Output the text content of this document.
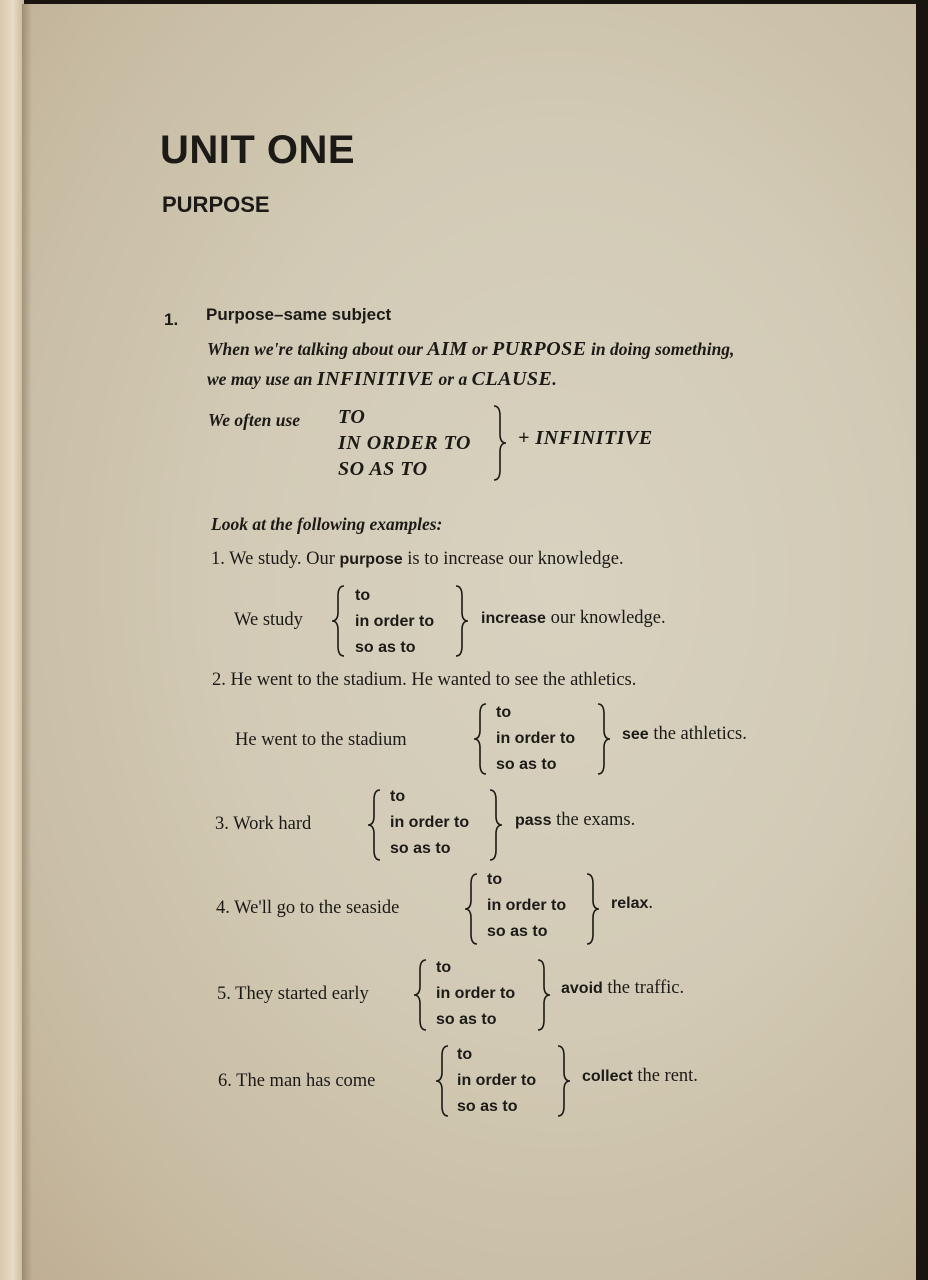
UNIT ONE
PURPOSE
1. Purpose–same subject
When we're talking about our AIM or PURPOSE in doing something,
we may use an INFINITIVE or a CLAUSE.
We often use TO
IN ORDER TO
SO AS TO
+ INFINITIVE
Look at the following examples:
1. We study. Our purpose is to increase our knowledge.
We study
to
in order to
so as to
increase our knowledge.
2. He went to the stadium. He wanted to see the athletics.
He went to the stadium
to
in order to
so as to
see the athletics.
3. Work hard
to
in order to
so as to
pass the exams.
4. We'll go to the seaside
to
in order to
so as to
relax.
5. They started early
to
in order to
so as to
avoid the traffic.
6. The man has come
to
in order to
so as to
collect the rent.
